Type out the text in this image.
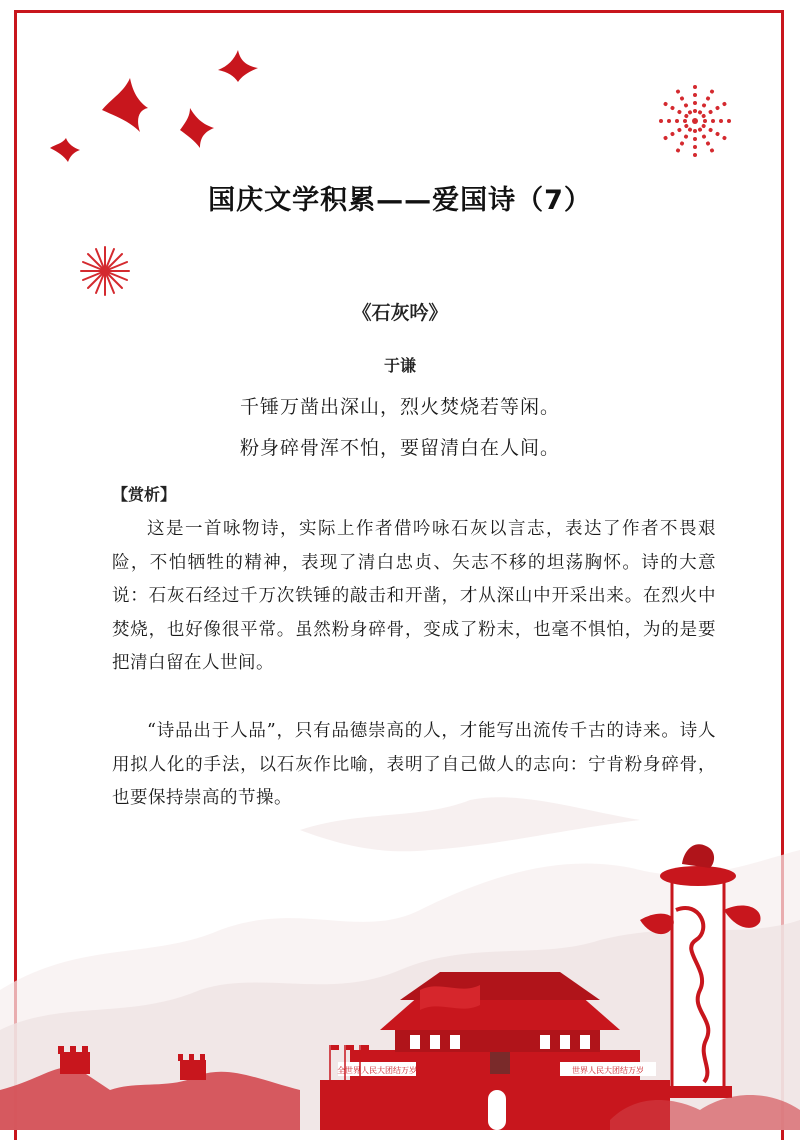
国庆文学积累——爱国诗（7）
《石灰吟》
于谦
千锤万凿出深山，烈火焚烧若等闲。
粉身碎骨浑不怕，要留清白在人间。
【赏析】

这是一首咏物诗，实际上作者借吟咏石灰以言志，表达了作者不畏艰险，不怕牺牲的精神，表现了清白忠贞、矢志不移的坦荡胸怀。诗的大意说：石灰石经过千万次铁锤的敲击和开凿，才从深山中开采出来。在烈火中焚烧，也好像很平常。虽然粉身碎骨，变成了粉末，也毫不惧怕，为的是要把清白留在人世间。

“诗品出于人品”，只有品德崇高的人，才能写出流传千古的诗来。诗人用拟人化的手法，以石灰作比喻，表明了自己做人的志向：宁肯粉身碎骨，也要保持崇高的节操。

全世界人民大团结万岁	世界人民大团结万岁
